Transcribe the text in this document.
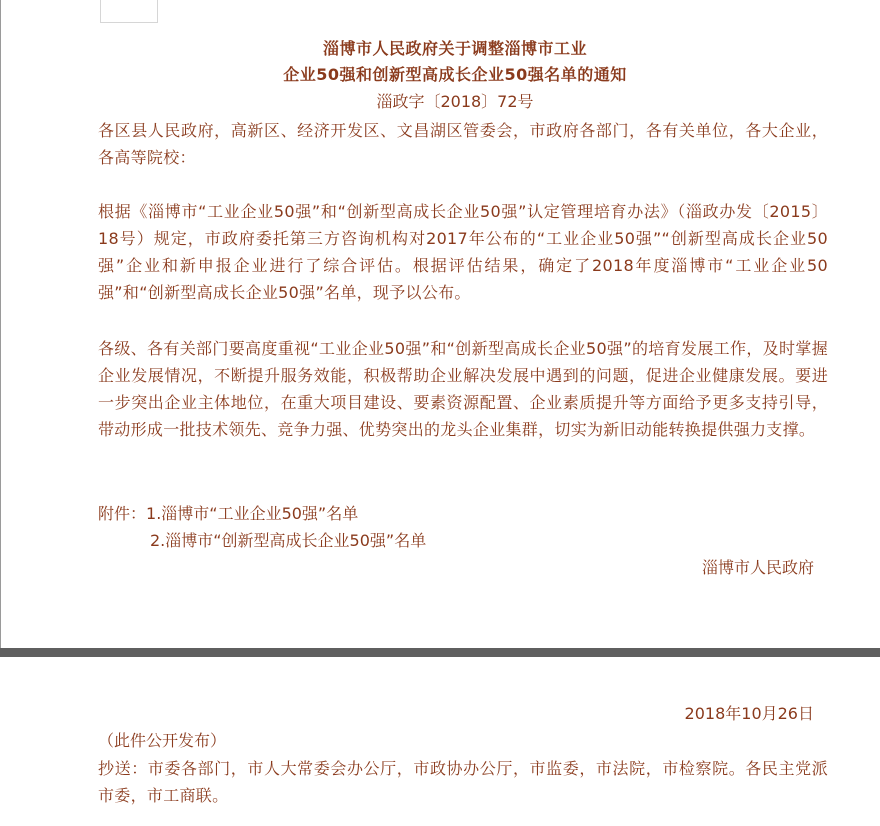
淄博市人民政府关于调整淄博市工业
企业50强和创新型高成长企业50强名单的通知
淄政字〔2018〕72号

各区县人民政府，高新区、经济开发区、文昌湖区管委会，市政府各部门，各有关单位，各大企业，各高等院校：

根据《淄博市“工业企业50强”和“创新型高成长企业50强”认定管理培育办法》（淄政办发〔2015〕18号）规定，市政府委托第三方咨询机构对2017年公布的“工业企业50强”“创新型高成长企业50强”企业和新申报企业进行了综合评估。根据评估结果，确定了2018年度淄博市“工业企业50强”和“创新型高成长企业50强”名单，现予以公布。

各级、各有关部门要高度重视“工业企业50强”和“创新型高成长企业50强”的培育发展工作，及时掌握企业发展情况，不断提升服务效能，积极帮助企业解决发展中遇到的问题，促进企业健康发展。要进一步突出企业主体地位，在重大项目建设、要素资源配置、企业素质提升等方面给予更多支持引导，带动形成一批技术领先、竞争力强、优势突出的龙头企业集群，切实为新旧动能转换提供强力支撑。

附件：1.淄博市“工业企业50强”名单
2.淄博市“创新型高成长企业50强”名单
淄博市人民政府
2018年10月26日
（此件公开发布）

抄送：市委各部门，市人大常委会办公厅，市政协办公厅，市监委，市法院，市检察院。各民主党派市委，市工商联。
